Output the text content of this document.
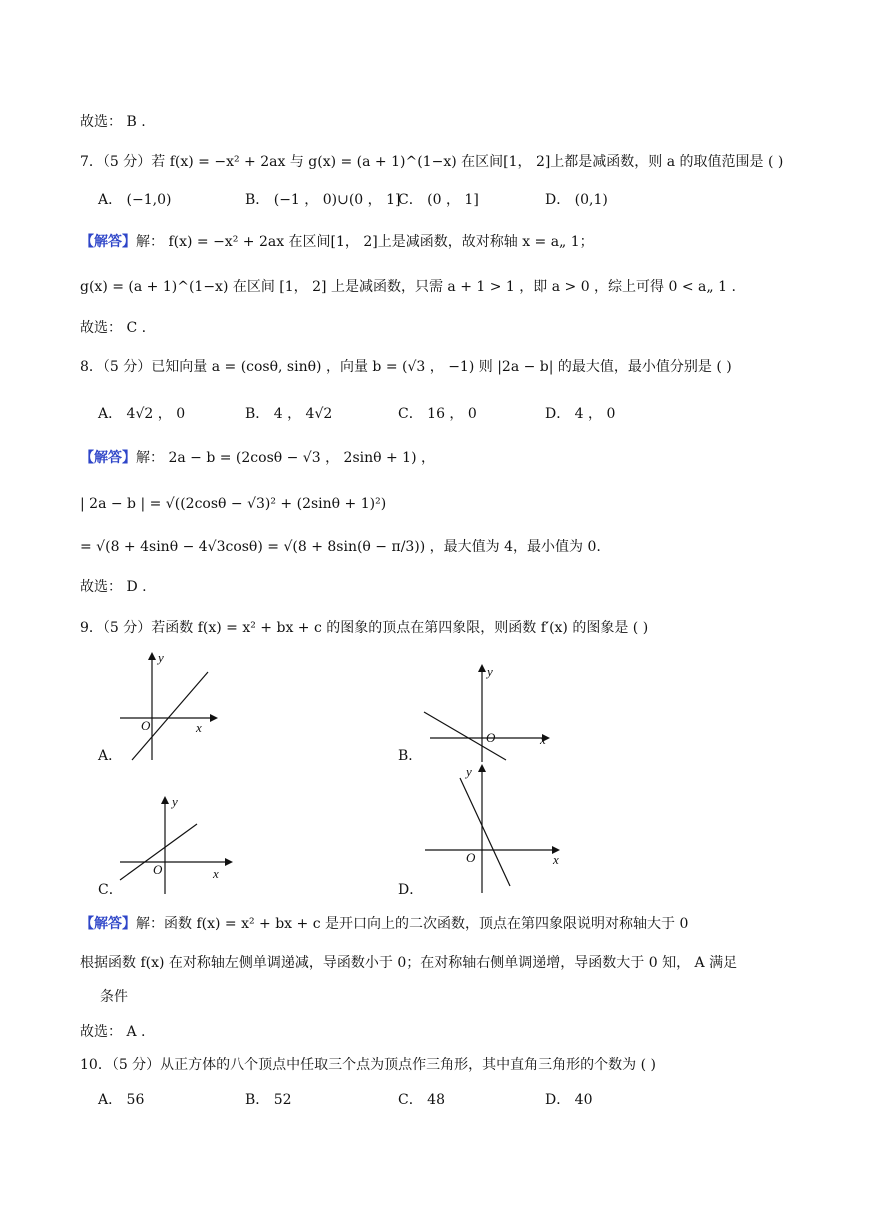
故选： B .
7．（5 分）若 f(x) = −x² + 2ax 与 g(x) = (a + 1)^(1−x) 在区间[1， 2]上都是减函数，则 a 的取值范围是 ( )
A． (−1,0)	B． (−1 ， 0)∪(0 ， 1]
C． (0 ， 1]	D． (0,1)
【解答】解： f(x) = −x² + 2ax 在区间[1， 2]上是减函数，故对称轴 x = a„ 1；
g(x) = (a + 1)^(1−x) 在区间 [1， 2] 上是减函数，只需 a + 1 > 1 ，即 a > 0 ，综上可得 0 < a„ 1 .
故选： C .
8．（5 分）已知向量 a = (cosθ, sinθ) ，向量 b = (√3 ， −1) 则 |2a − b| 的最大值，最小值分别是 ( )
A． 4√2 ， 0	B． 4 ， 4√2	C． 16 ， 0	D． 4 ， 0
【解答】解： 2a − b = (2cosθ − √3 ， 2sinθ + 1) ，
| 2a − b | = √((2cosθ − √3)² + (2sinθ + 1)²)
= √(8 + 4sinθ − 4√3cosθ) = √(8 + 8sin(θ − π/3)) ，最大值为 4，最小值为 0.
故选： D .
9．（5 分）若函数 f(x) = x² + bx + c 的图象的顶点在第四象限，则函数 f′(x) 的图象是 ( )
y
x
O
A．
y
x
O
B．
y
x
O
C．
y
x
O
D．
【解答】解：函数 f(x) = x² + bx + c 是开口向上的二次函数，顶点在第四象限说明对称轴大于 0
根据函数 f(x) 在对称轴左侧单调递减，导函数小于 0；在对称轴右侧单调递增，导函数大于 0 知， A 满足
条件
故选： A .
10．（5 分）从正方体的八个顶点中任取三个点为顶点作三角形，其中直角三角形的个数为 ( )
A． 56	B． 52	C． 48	D． 40
